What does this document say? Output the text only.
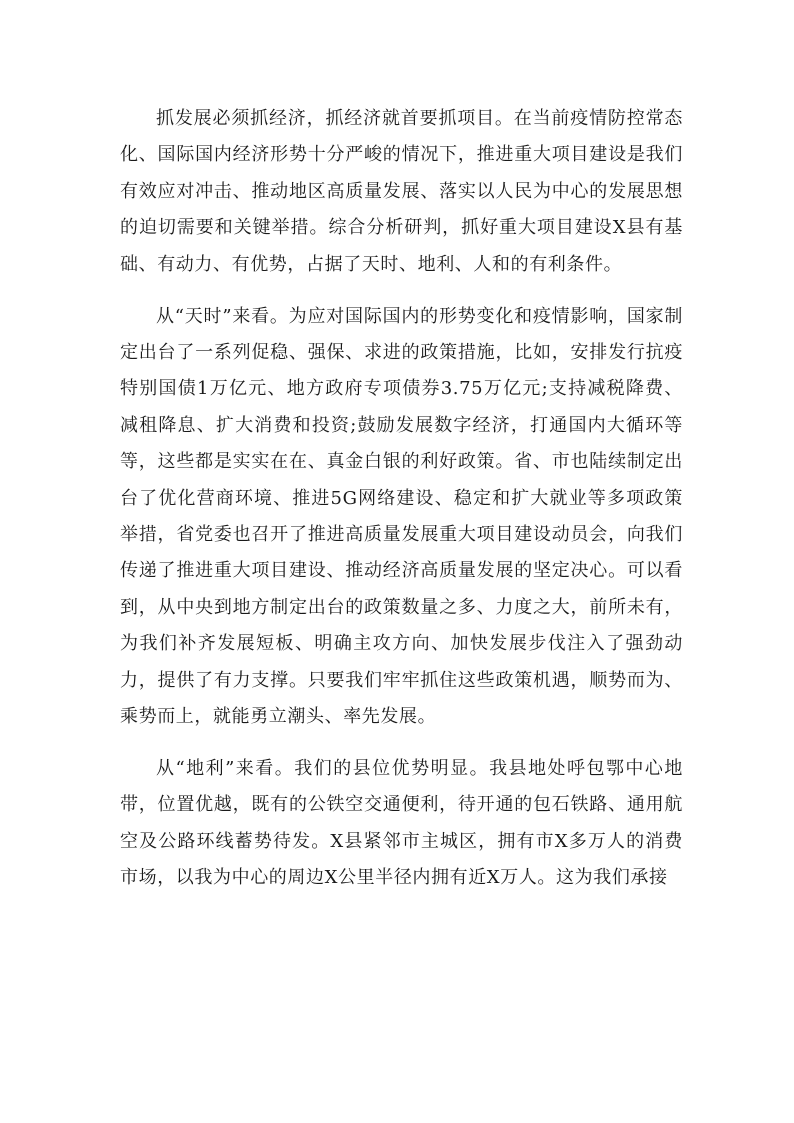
抓发展必须抓经济，抓经济就首要抓项目。在当前疫情防控常态化、国际国内经济形势十分严峻的情况下，推进重大项目建设是我们有效应对冲击、推动地区高质量发展、落实以人民为中心的发展思想的迫切需要和关键举措。综合分析研判，抓好重大项目建设X县有基础、有动力、有优势，占据了天时、地利、人和的有利条件。

从“天时”来看。为应对国际国内的形势变化和疫情影响，国家制定出台了一系列促稳、强保、求进的政策措施，比如，安排发行抗疫特别国债1万亿元、地方政府专项债券3.75万亿元;支持减税降费、减租降息、扩大消费和投资;鼓励发展数字经济，打通国内大循环等等，这些都是实实在在、真金白银的利好政策。省、市也陆续制定出台了优化营商环境、推进5G网络建设、稳定和扩大就业等多项政策举措，省党委也召开了推进高质量发展重大项目建设动员会，向我们传递了推进重大项目建设、推动经济高质量发展的坚定决心。可以看到，从中央到地方制定出台的政策数量之多、力度之大，前所未有，为我们补齐发展短板、明确主攻方向、加快发展步伐注入了强劲动力，提供了有力支撑。只要我们牢牢抓住这些政策机遇，顺势而为、乘势而上，就能勇立潮头、率先发展。

从“地利”来看。我们的县位优势明显。我县地处呼包鄂中心地带，位置优越，既有的公铁空交通便利，待开通的包石铁路、通用航空及公路环线蓄势待发。X县紧邻市主城区，拥有市X多万人的消费市场，以我为中心的周边X公里半径内拥有近X万人。这为我们承接
